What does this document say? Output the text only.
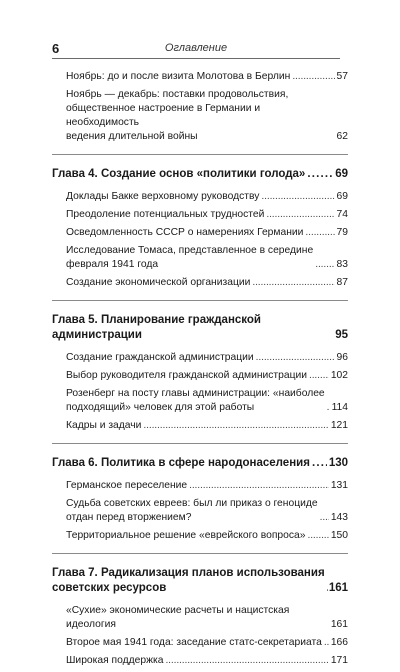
6	Оглавление
Ноябрь: до и после визита Молотова в Берлин . . .	57
Ноябрь — декабрь: поставки продовольствия,
общественное настроение в Германии и необходимость
ведения длительной войны	62
Глава 4. Создание основ «политики голода» .....	69
Доклады Бакке верховному руководству . . .	69
Преодоление потенциальных трудностей . . .	74
Осведомленность СССР о намерениях Германии . . .	79
Исследование Томаса, представленное в середине
февраля 1941 года . . .	83
Создание экономической организации . . .	87
Глава 5. Планирование гражданской администрации	95
Создание гражданской администрации . . .	96
Выбор руководителя гражданской администрации . . . 102
Розенберг на посту главы администрации: «наиболее
подходящий» человек для этой работы . . .	114
Кадры и задачи . . .	121
Глава 6. Политика в сфере народонаселения ..... 130
Германское переселение . . .	131
Судьба советских евреев: был ли приказ о геноциде
отдан перед вторжением? . . .	143
Территориальное решение «еврейского вопроса» . . . 150
Глава 7. Радикализация планов использования
советских ресурсов .....	161
«Сухие» экономические расчеты и нацистская идеология	161
Второе мая 1941 года: заседание статс-секретариата . . . 166
Широкая поддержка . . .	171
